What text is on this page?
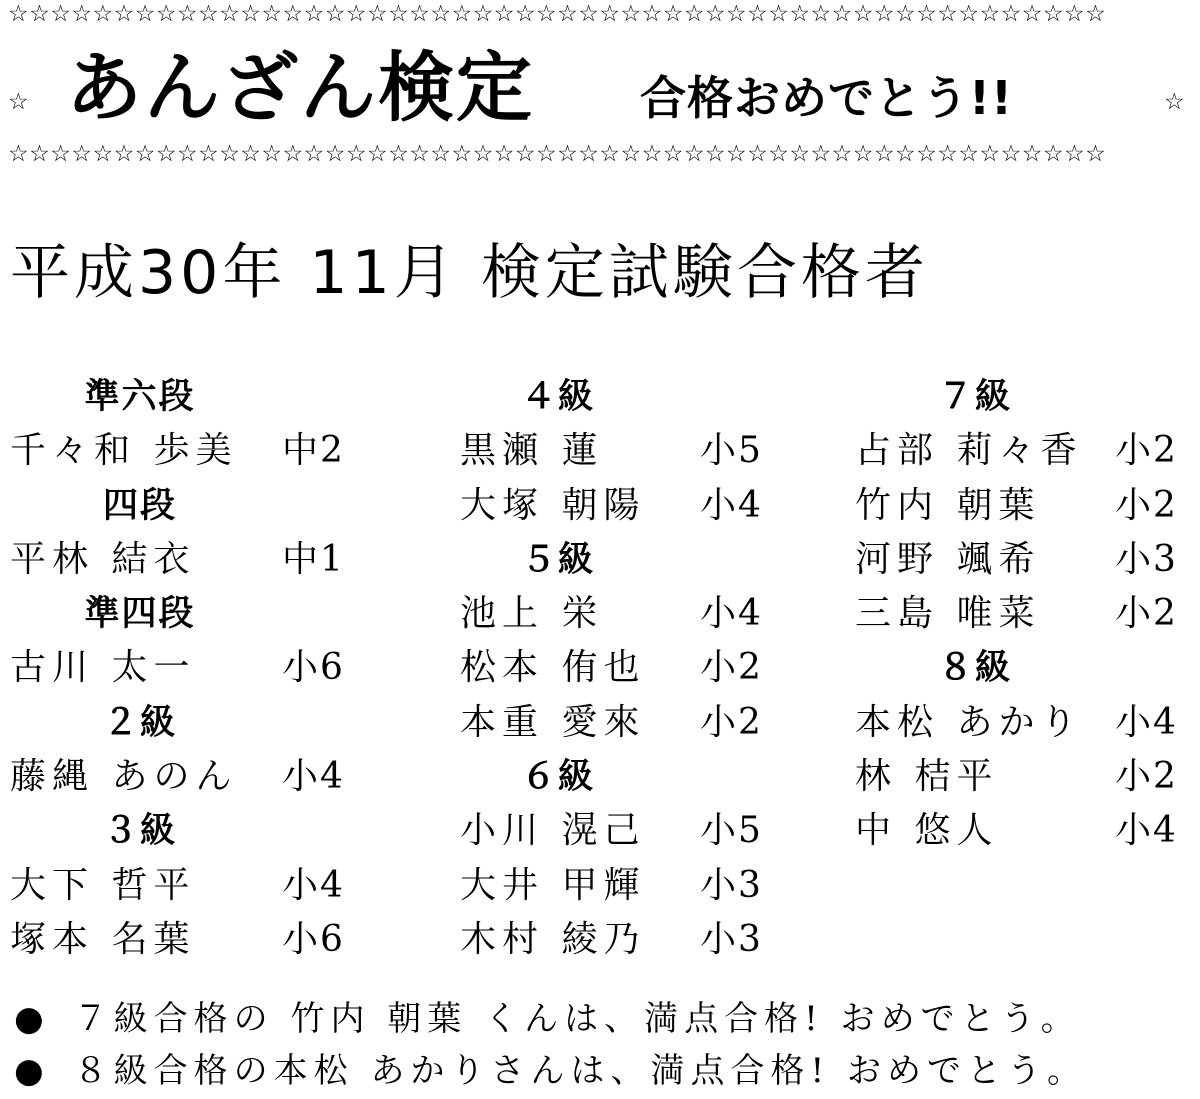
☆☆☆☆☆☆☆☆☆☆☆☆☆☆☆☆☆☆☆☆☆☆☆☆☆☆☆☆☆☆☆☆☆☆☆☆☆☆☆☆☆☆☆☆☆☆☆☆☆☆☆☆
☆ あんざん検定 合格おめでとう!!	☆
☆☆☆☆☆☆☆☆☆☆☆☆☆☆☆☆☆☆☆☆☆☆☆☆☆☆☆☆☆☆☆☆☆☆☆☆☆☆☆☆☆☆☆☆☆☆☆☆☆☆☆☆
平成30年 11月 検定試験合格者
準六段
千々和 歩美 中2
四段
平林 結衣 中1
準四段
古川 太一 小6
２級
藤縄 あのん 小4
３級
大下 哲平 小4
塚本 名葉 小6
４級
黒瀬 蓮	小5
大塚 朝陽 小4
５級
池上 栄	小4
松本 侑也 小2
本重 愛來 小2
６級
小川 滉己 小5
大井 甲輝 小3
木村 綾乃 小3
７級
占部 莉々香 小2
竹内 朝葉 小2
河野 颯希 小3
三島 唯菜 小2
８級
本松 あかり 小4
林 桔平	小2
中 悠人	小4
● ７級合格の 竹内 朝葉 くんは、満点合格! おめでとう。
● ８級合格の本松 あかりさんは、満点合格! おめでとう。
